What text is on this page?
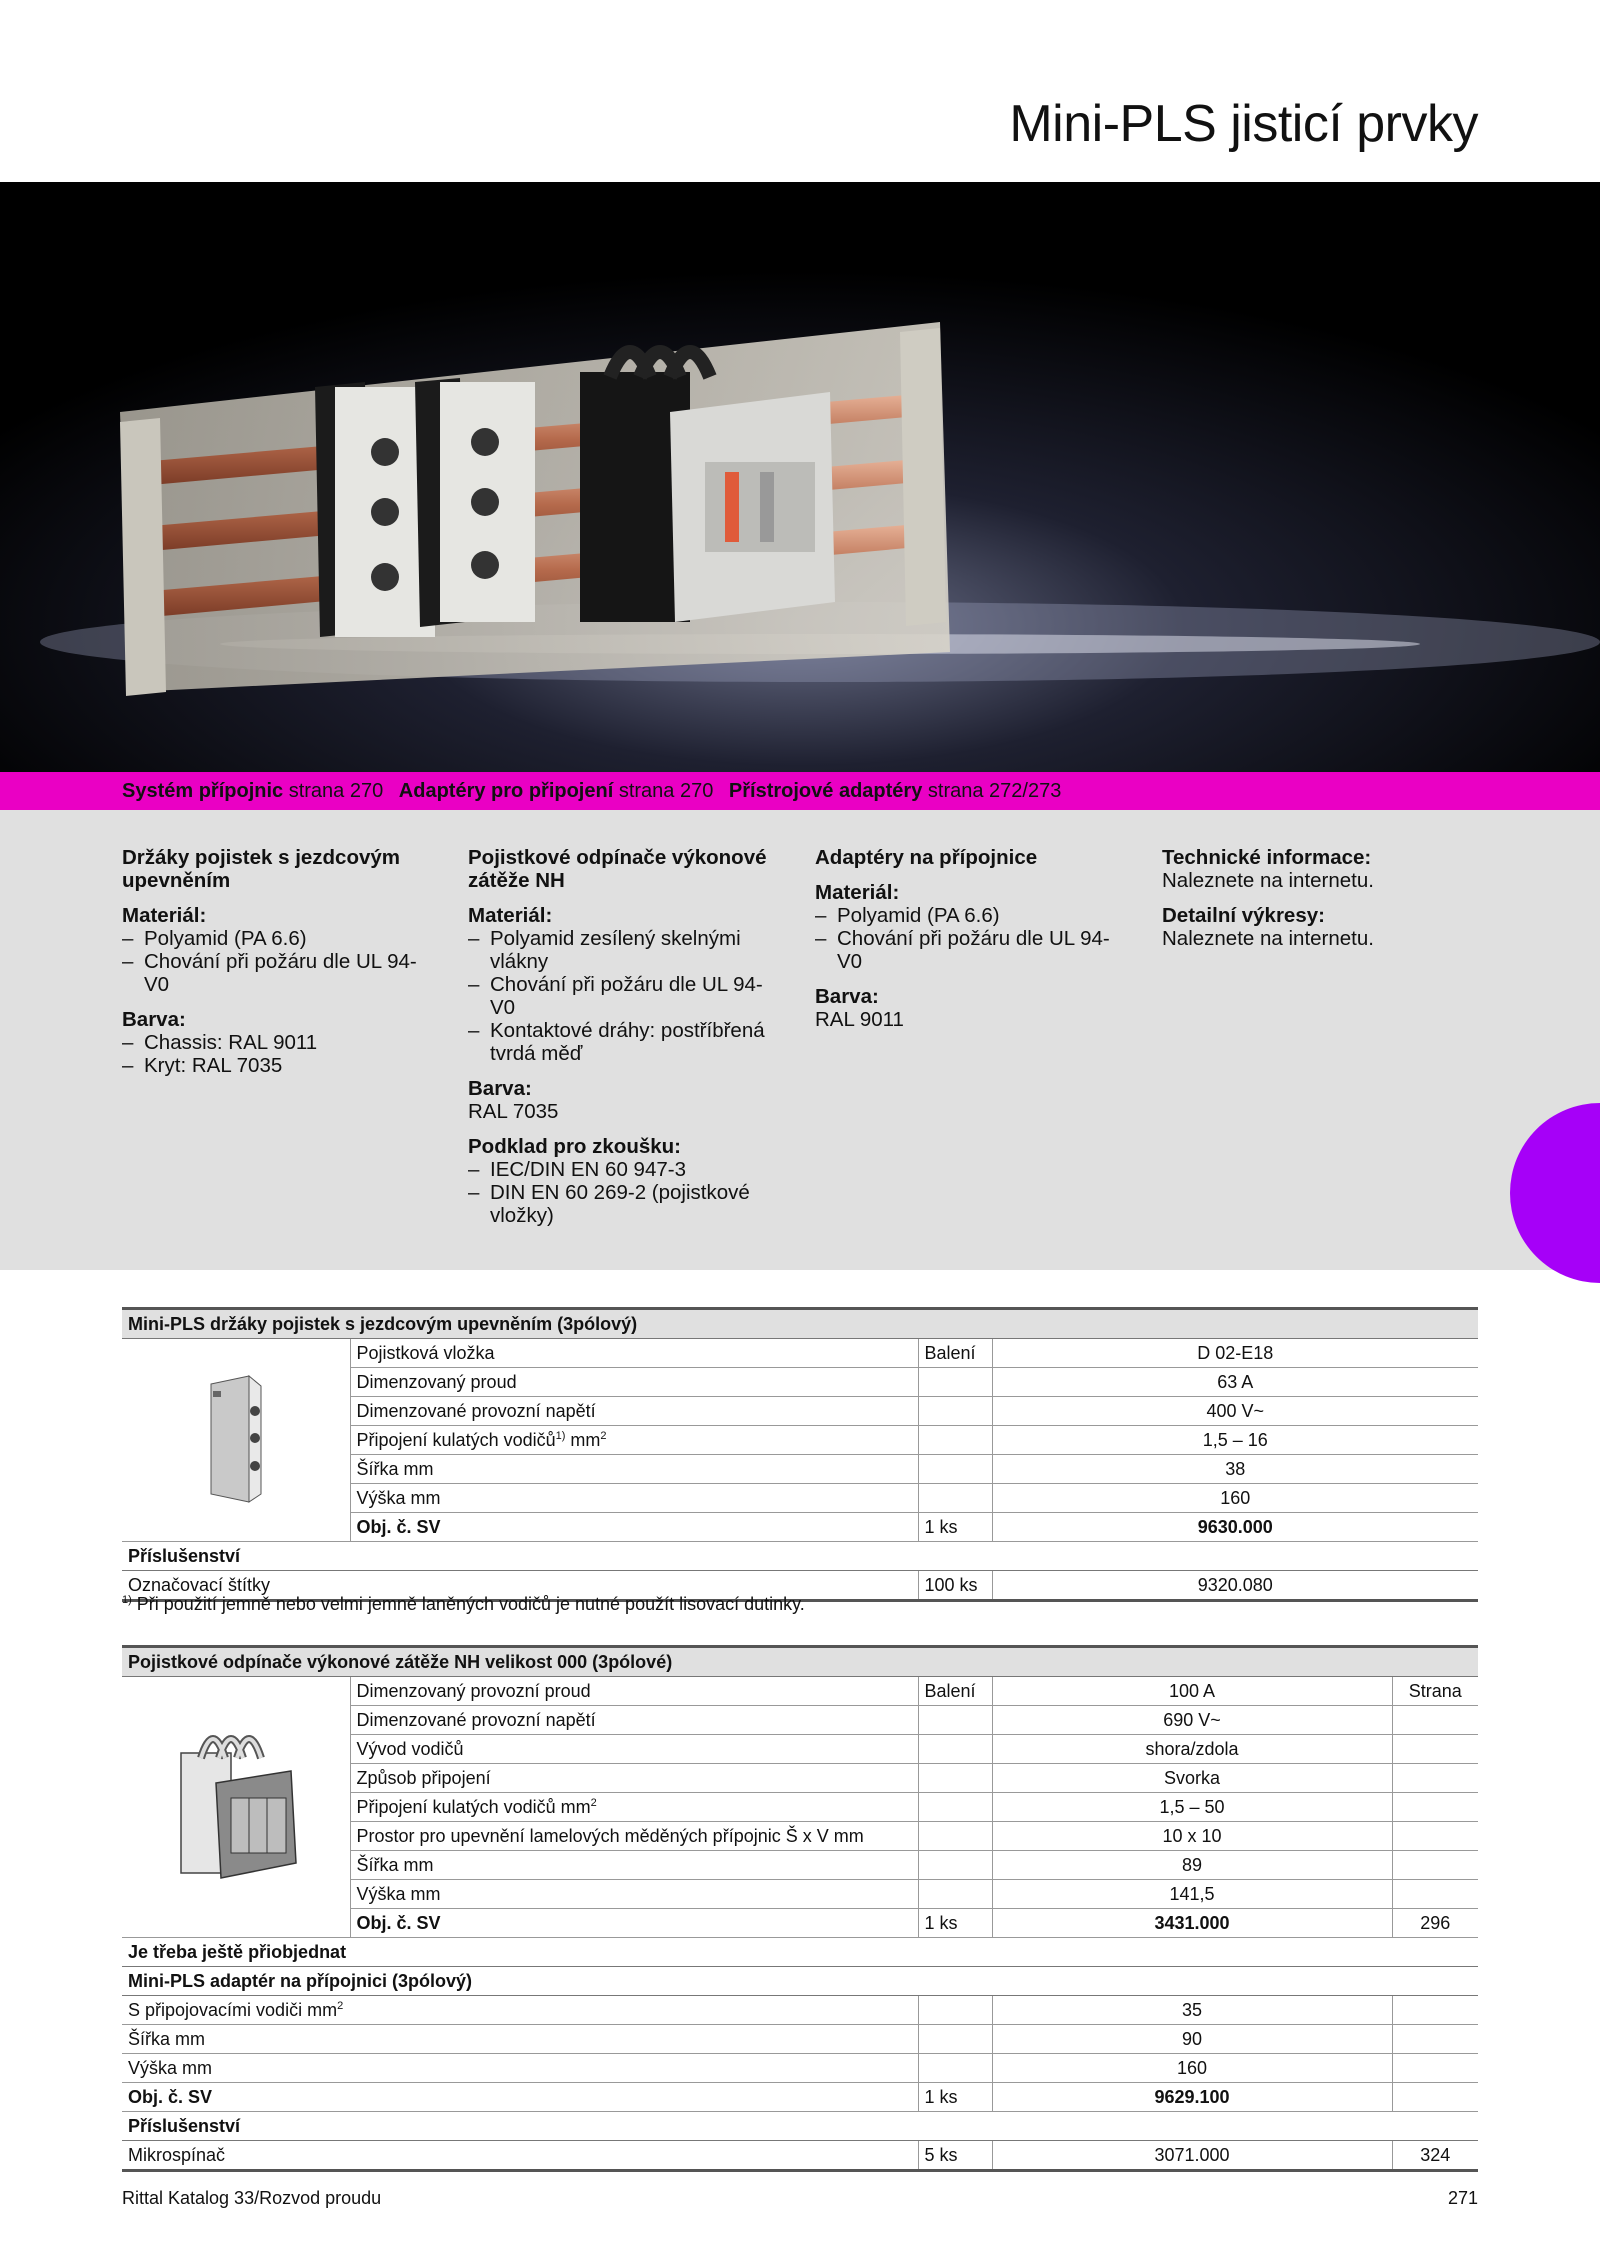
Mini-PLS jisticí prvky
Systém přípojnic strana 270 Adaptéry pro připojení strana 270 Přístrojové adaptéry strana 272/273
Držáky pojistek s jezdcovým upevněním
Materiál:
– Polyamid (PA 6.6)
– Chování při požáru dle UL 94-V0
Barva:
– Chassis: RAL 9011
– Kryt: RAL 7035
Pojistkové odpínače výkonové zátěže NH
Materiál:
– Polyamid zesílený skelnými vlákny
– Chování při požáru dle UL 94-V0
– Kontaktové dráhy: postříbřená tvrdá měď
Barva:
RAL 7035
Podklad pro zkoušku:
– IEC/DIN EN 60 947-3
– DIN EN 60 269-2 (pojistkové vložky)
Adaptéry na přípojnice
Materiál:
– Polyamid (PA 6.6)
– Chování při požáru dle UL 94-V0
Barva:
RAL 9011
Technické informace:
Naleznete na internetu.
Detailní výkresy:
Naleznete na internetu.
Mini-PLS držáky pojistek s jezdcovým upevněním (3pólový)			
	Pojistková vložka	Balení	D 02-E18
	Dimenzovaný proud		63 A
	Dimenzované provozní napětí		400 V~
	Připojení kulatých vodičů$^{1)}$ $mm^2$		1,5 – 16
	Šířka mm		38
	Výška mm		160
	Obj. č. SV	1 ks	9630.000
Příslušenství			
Označovací štítky		100 ks	9320.080
$^{1)}$ Při použití jemně nebo velmi jemně laněných vodičů je nutné použít lisovací dutinky.
Pojistkové odpínače výkonové zátěže NH velikost 000 (3pólové)				
	Dimenzovaný provozní proud	Balení	100 A	Strana
	Dimenzované provozní napětí		690 V~	
	Vývod vodičů		shora/zdola	
	Způsob připojení		Svorka	
	Připojení kulatých vodičů $mm^2$		1,5 – 50	
	Prostor pro upevnění lamelových měděných přípojnic Š x V mm		10 x 10	
	Šířka mm		89	
	Výška mm		141,5	
	Obj. č. SV	1 ks	3431.000	296
Je třeba ještě přiobjednat				
Mini-PLS adaptér na přípojnici (3pólový)				
S připojovacími vodiči $mm^2$			35	
Šířka mm			90	
Výška mm			160	
Obj. č. SV		1 ks	9629.100	
Příslušenství				
Mikrospínač		5 ks	3071.000	324
Rittal Katalog 33/Rozvod proudu	271
